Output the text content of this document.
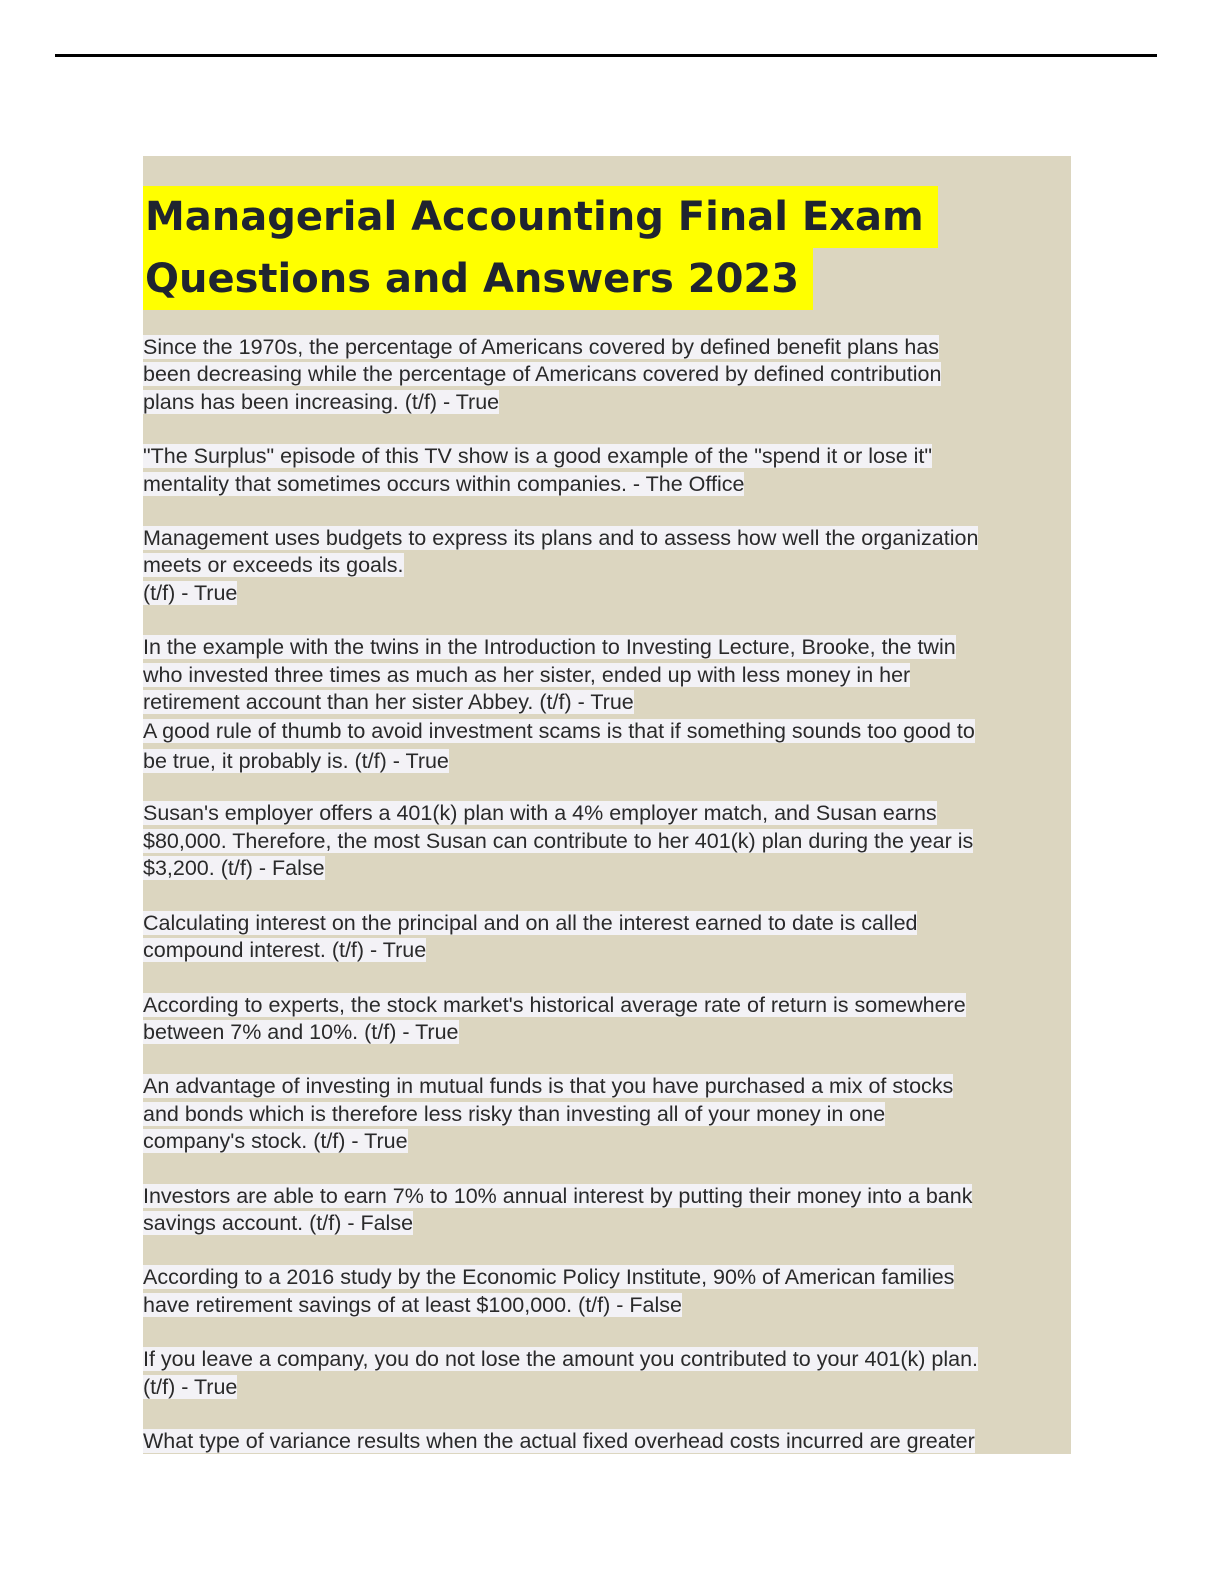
Managerial Accounting Final Exam
Questions and Answers 2023
Since the 1970s, the percentage of Americans covered by defined benefit plans has
been decreasing while the percentage of Americans covered by defined contribution
plans has been increasing. (t/f) - True
"The Surplus" episode of this TV show is a good example of the "spend it or lose it"
mentality that sometimes occurs within companies. - The Office
Management uses budgets to express its plans and to assess how well the organization
meets or exceeds its goals.
(t/f) - True
In the example with the twins in the Introduction to Investing Lecture, Brooke, the twin
who invested three times as much as her sister, ended up with less money in her
retirement account than her sister Abbey. (t/f) - True
A good rule of thumb to avoid investment scams is that if something sounds too good to
be true, it probably is. (t/f) - True
Susan's employer offers a 401(k) plan with a 4% employer match, and Susan earns
$80,000. Therefore, the most Susan can contribute to her 401(k) plan during the year is
$3,200. (t/f) - False
Calculating interest on the principal and on all the interest earned to date is called
compound interest. (t/f) - True
According to experts, the stock market's historical average rate of return is somewhere
between 7% and 10%. (t/f) - True
An advantage of investing in mutual funds is that you have purchased a mix of stocks
and bonds which is therefore less risky than investing all of your money in one
company's stock. (t/f) - True
Investors are able to earn 7% to 10% annual interest by putting their money into a bank
savings account. (t/f) - False
According to a 2016 study by the Economic Policy Institute, 90% of American families
have retirement savings of at least $100,000. (t/f) - False
If you leave a company, you do not lose the amount you contributed to your 401(k) plan.
(t/f) - True
What type of variance results when the actual fixed overhead costs incurred are greater
